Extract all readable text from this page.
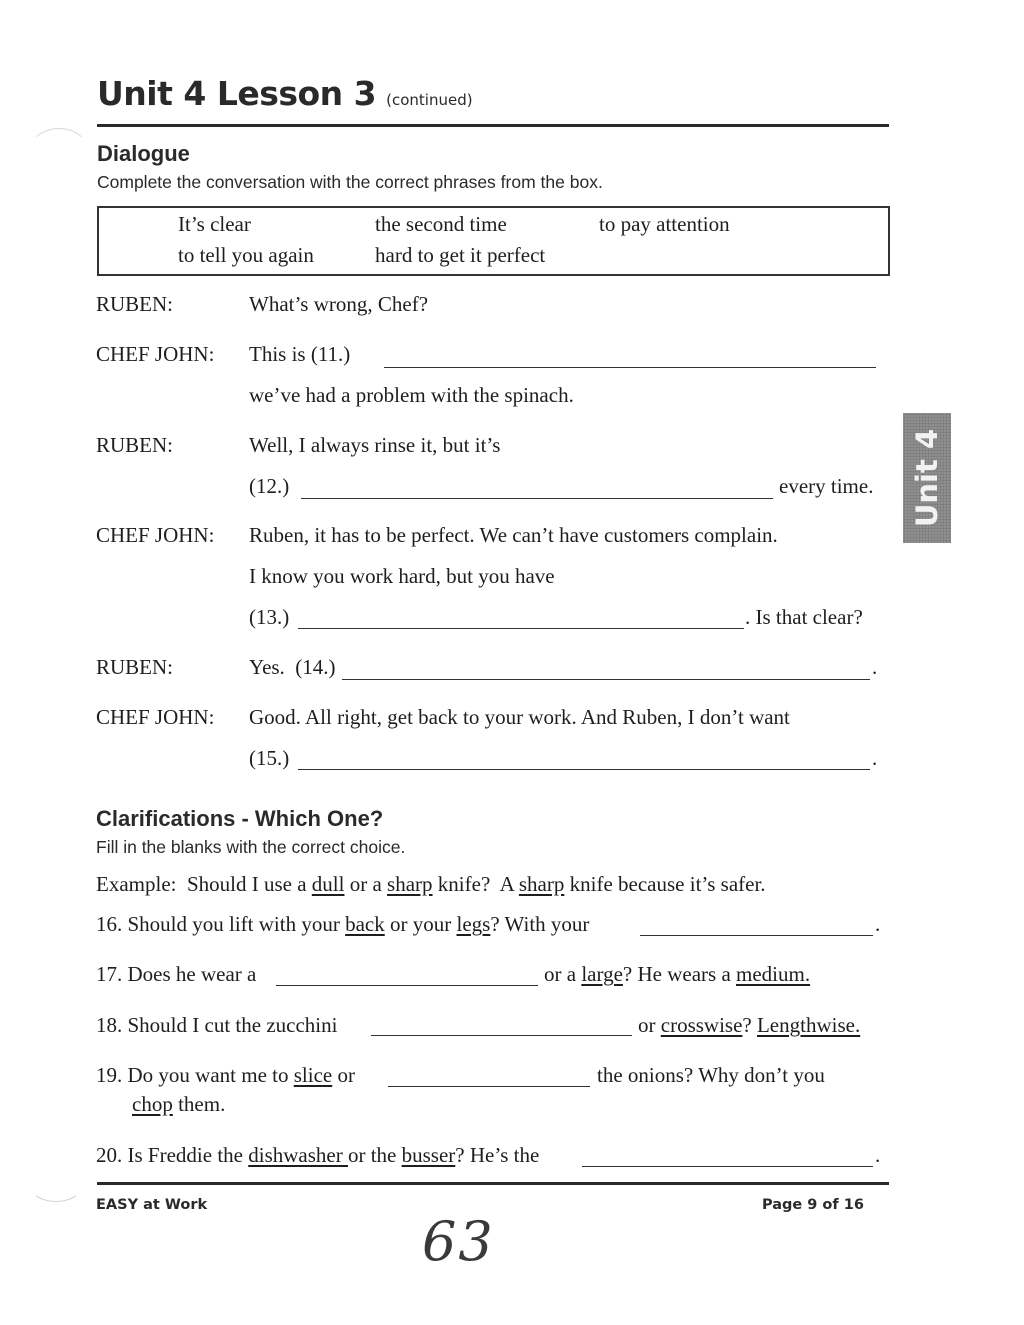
Unit 4 Lesson 3 (continued)
Dialogue

Complete the conversation with the correct phrases from the box.

It’s clear	the second time	to pay attention
to tell you again	hard to get it perfect
RUBEN:	What’s wrong, Chef?
CHEF JOHN: This is (11.)
we’ve had a problem with the spinach.
RUBEN:	Well, I always rinse it, but it’s
(12.)	every time.
CHEF JOHN: Ruben, it has to be perfect. We can’t have customers complain.
I know you work hard, but you have
(13.)	. Is that clear?
RUBEN:	Yes.  (14.)	.
CHEF JOHN: Good. All right, get back to your work. And Ruben, I don’t want
(15.)	.
Clarifications - Which One?

Fill in the blanks with the correct choice.

Example:  Should I use a dull or a sharp knife?  A sharp knife because it’s safer.
16. Should you lift with your back or your legs? With your	.
17. Does he wear a	or a large? He wears a medium.
18. Should I cut the zucchini	or crosswise? Lengthwise.
19. Do you want me to slice or	the onions? Why don’t you
chop them.
20. Is Freddie the dishwasher or the busser? He’s the	.
Unit 4
EASY at Work	Page 9 of 16
63
